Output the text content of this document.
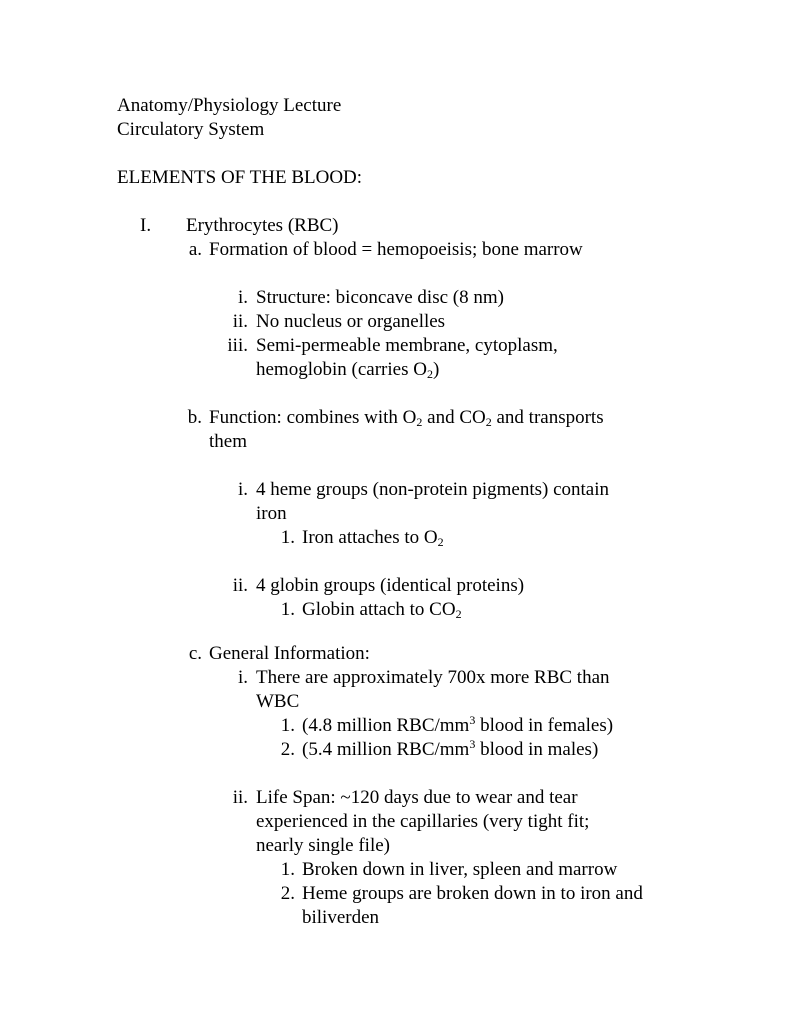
Anatomy/Physiology Lecture
Circulatory System
ELEMENTS OF THE BLOOD:
I. Erythrocytes (RBC)
a. Formation of blood = hemopoeisis; bone marrow
i. Structure: biconcave disc (8 nm)
ii. No nucleus or organelles
iii. Semi-permeable membrane, cytoplasm,
hemoglobin (carries $O_2$)
b. Function: combines with $O_2$ and $CO_2$ and transports
them
i. 4 heme groups (non-protein pigments) contain
iron
1. Iron attaches to $O_2$
ii. 4 globin groups (identical proteins)
1. Globin attach to $CO_2$
c. General Information:
i. There are approximately 700x more RBC than
WBC
1. (4.8 million RBC/$mm^3$ blood in females)
2. (5.4 million RBC/$mm^3$ blood in males)
ii. Life Span: ~120 days due to wear and tear
experienced in the capillaries (very tight fit;
nearly single file)
1. Broken down in liver, spleen and marrow
2. Heme groups are broken down in to iron and
biliverden
